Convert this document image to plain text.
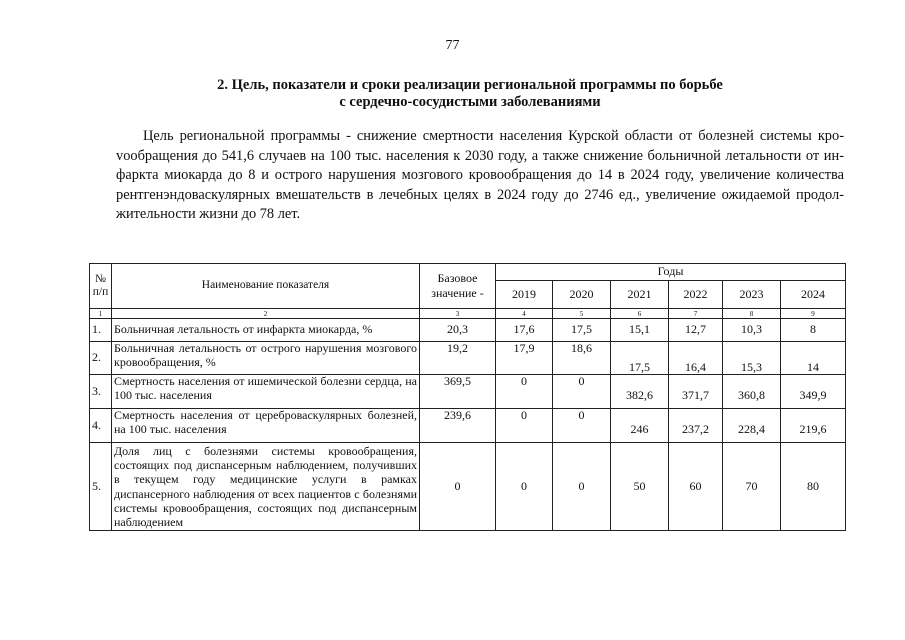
77
2. Цель, показатели и сроки реализации региональной программы по борьбе
с сердечно-сосудистыми заболеваниями

Цель региональной программы - снижение смертности населения Курской области от болезней системы кроvообращения до 541,6 случаев на 100 тыс. населения к 2030 году, а также снижение больничной летальности от инфаркта миокарда до 8 и острого нарушения мозгового кровообращения до 14 в 2024 году, увеличение количества рентгенэндоваскулярных вмешательств в лечебных целях в 2024 году до 2746 ед., увеличение ожидаемой продолжительности жизни до 78 лет.

№ п/п	Наименование показателя	Базовое значение -	Годы					
			2019	2020	2021	2022	2023	2024
1	2	3	4	5	6	7	8	9
1.	Больничная летальность от инфаркта миокарда, %	20,3	17,6	17,5	15,1	12,7	10,3	8
2.	Больничная летальность от острого нарушения мозгового кровообращения, %	19,2	17,9	18,6	17,5	16,4	15,3	14
3.	Смертность населения от ишемической болезни сердца, на 100 тыс. населения	369,5	0	0	382,6	371,7	360,8	349,9
4.	Смертность населения от цереброваскулярных болезней, на 100 тыс. населения	239,6	0	0	246	237,2	228,4	219,6
5.	Доля лиц с болезнями системы кровообращения, состоящих под диспансерным наблюдением, получивших в текущем году медицинские услуги в рамках диспансерного наблюдения от всех пациентов с болезнями системы кровообращения, состоящих под диспансерным наблюдением	0	0	0	50	60	70	80
